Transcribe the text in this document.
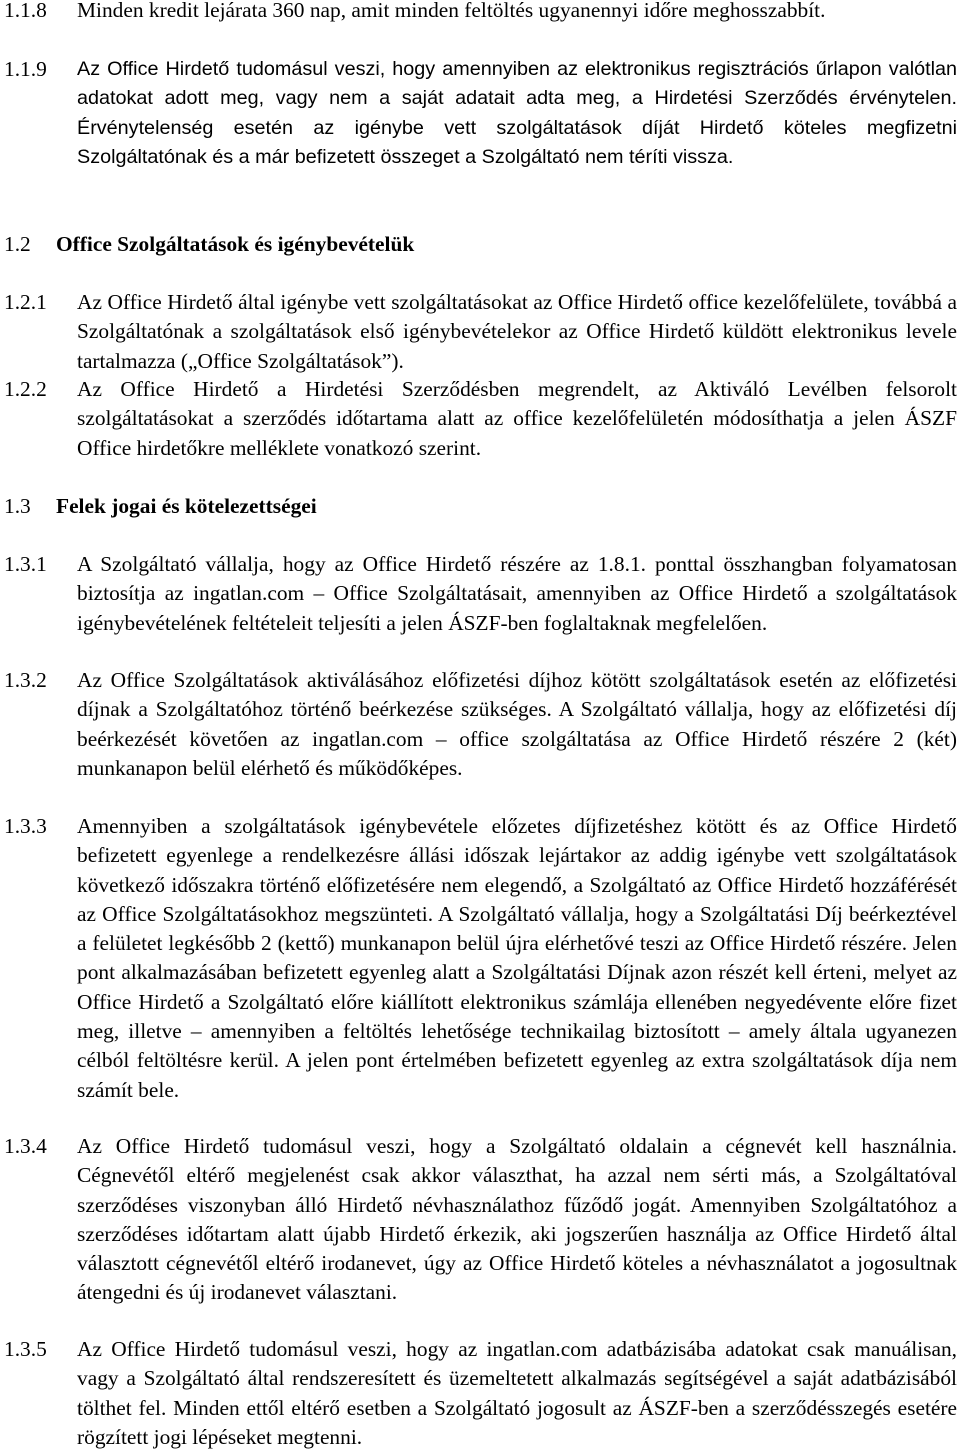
1.1.8	Minden kredit lejárata 360 nap, amit minden feltöltés ugyanennyi időre meghosszabbít.
1.1.9	Az Office Hirdető tudomásul veszi, hogy amennyiben az elektronikus regisztrációs űrlapon valótlan adatokat adott meg, vagy nem a saját adatait adta meg, a Hirdetési Szerződés érvénytelen. Érvénytelenség esetén az igénybe vett szolgáltatások díját Hirdető köteles megfizetni Szolgáltatónak és a már befizetett összeget a Szolgáltató nem téríti vissza.
1.2	Office Szolgáltatások és igénybevételük
1.2.1	Az Office Hirdető által igénybe vett szolgáltatásokat az Office Hirdető office kezelőfelülete, továbbá a Szolgáltatónak a szolgáltatások első igénybevételekor az Office Hirdető küldött elektronikus levele tartalmazza („Office Szolgáltatások”).
1.2.2	Az Office Hirdető a Hirdetési Szerződésben megrendelt, az Aktiváló Levélben felsorolt szolgáltatásokat a szerződés időtartama alatt az office kezelőfelületén módosíthatja a jelen ÁSZF Office hirdetőkre melléklete vonatkozó szerint.
1.3	Felek jogai és kötelezettségei
1.3.1	A Szolgáltató vállalja, hogy az Office Hirdető részére az 1.8.1. ponttal összhangban folyamatosan biztosítja az ingatlan.com – Office Szolgáltatásait, amennyiben az Office Hirdető a szolgáltatások igénybevételének feltételeit teljesíti a jelen ÁSZF-ben foglaltaknak megfelelően.
1.3.2	Az Office Szolgáltatások aktiválásához előfizetési díjhoz kötött szolgáltatások esetén az előfizetési díjnak a Szolgáltatóhoz történő beérkezése szükséges. A Szolgáltató vállalja, hogy az előfizetési díj beérkezését követően az ingatlan.com – office szolgáltatása az Office Hirdető részére 2 (két) munkanapon belül elérhető és működőképes.
1.3.3	Amennyiben a szolgáltatások igénybevétele előzetes díjfizetéshez kötött és az Office Hirdető befizetett egyenlege a rendelkezésre állási időszak lejártakor az addig igénybe vett szolgáltatások következő időszakra történő előfizetésére nem elegendő, a Szolgáltató az Office Hirdető hozzáférését az Office Szolgáltatásokhoz megszünteti. A Szolgáltató vállalja, hogy a Szolgáltatási Díj beérkeztével a felületet legkésőbb 2 (kettő) munkanapon belül újra elérhetővé teszi az Office Hirdető részére. Jelen pont alkalmazásában befizetett egyenleg alatt a Szolgáltatási Díjnak azon részét kell érteni, melyet az Office Hirdető a Szolgáltató előre kiállított elektronikus számlája ellenében negyedévente előre fizet meg, illetve – amennyiben a feltöltés lehetősége technikailag biztosított – amely általa ugyanezen célból feltöltésre kerül. A jelen pont értelmében befizetett egyenleg az extra szolgáltatások díja nem számít bele.
1.3.4	Az Office Hirdető tudomásul veszi, hogy a Szolgáltató oldalain a cégnevét kell használnia. Cégnevétől eltérő megjelenést csak akkor választhat, ha azzal nem sérti más, a Szolgáltatóval szerződéses viszonyban álló Hirdető névhasználathoz fűződő jogát. Amennyiben Szolgáltatóhoz a szerződéses időtartam alatt újabb Hirdető érkezik, aki jogszerűen használja az Office Hirdető által választott cégnevétől eltérő irodanevet, úgy az Office Hirdető köteles a névhasználatot a jogosultnak átengedni és új irodanevet választani.
1.3.5	Az Office Hirdető tudomásul veszi, hogy az ingatlan.com adatbázisába adatokat csak manuálisan, vagy a Szolgáltató által rendszeresített és üzemeltetett alkalmazás segítségével a saját adatbázisából tölthet fel. Minden ettől eltérő esetben a Szolgáltató jogosult az ÁSZF-ben a szerződésszegés esetére rögzített jogi lépéseket megtenni.
